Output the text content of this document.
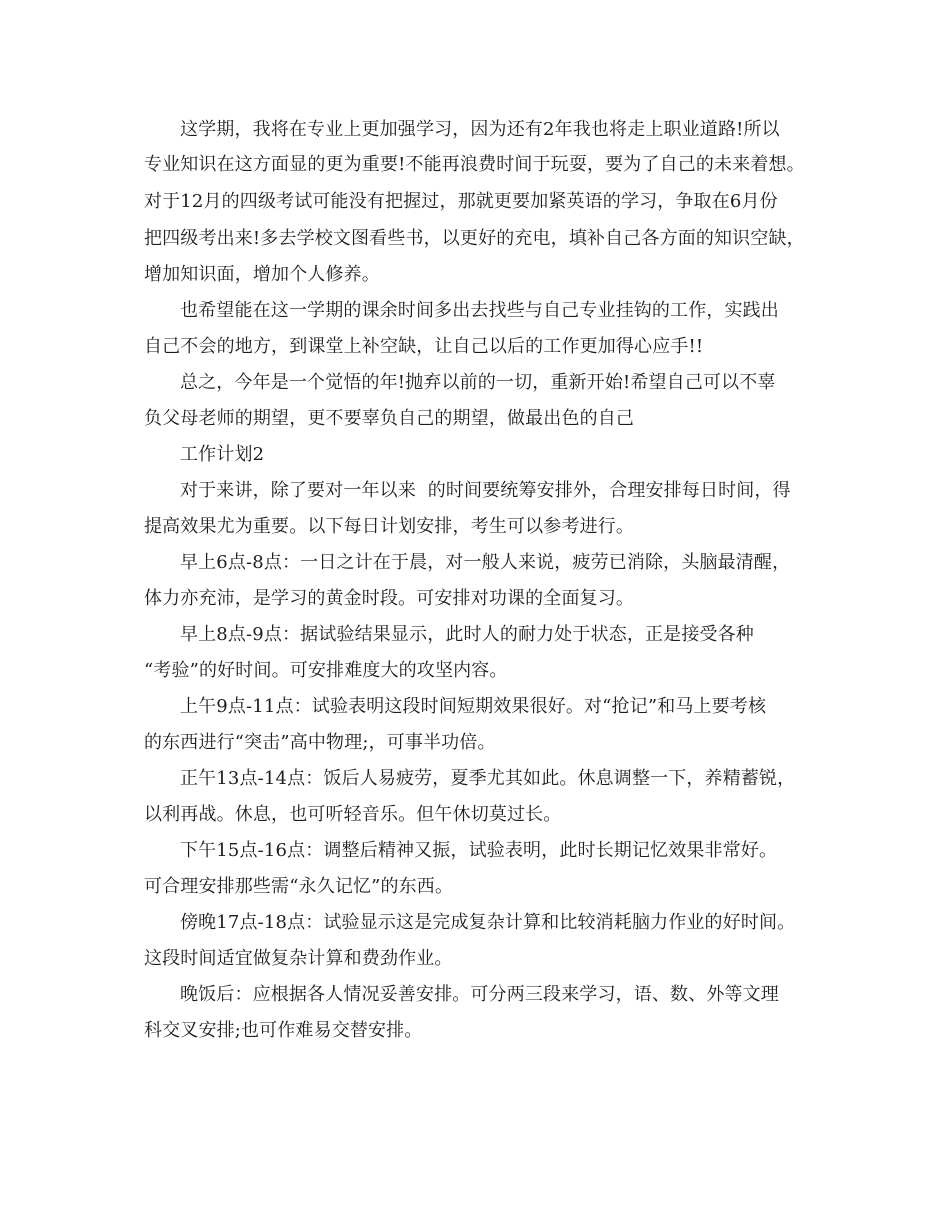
这学期，我将在专业上更加强学习，因为还有2年我也将走上职业道路!所以
专业知识在这方面显的更为重要!不能再浪费时间于玩耍，要为了自己的未来着想。
对于12月的四级考试可能没有把握过，那就更要加紧英语的学习，争取在6月份
把四级考出来!多去学校文图看些书，以更好的充电，填补自己各方面的知识空缺，
增加知识面，增加个人修养。
也希望能在这一学期的课余时间多出去找些与自己专业挂钩的工作，实践出
自己不会的地方，到课堂上补空缺，让自己以后的工作更加得心应手!!
总之，今年是一个觉悟的年!抛弃以前的一切，重新开始!希望自己可以不辜
负父母老师的期望，更不要辜负自己的期望，做最出色的自己
工作计划2
对于来讲，除了要对一年以来  的时间要统筹安排外，合理安排每日时间，得
提高效果尤为重要。以下每日计划安排，考生可以参考进行。
早上6点-8点：一日之计在于晨，对一般人来说，疲劳已消除，头脑最清醒，
体力亦充沛，是学习的黄金时段。可安排对功课的全面复习。
早上8点-9点：据试验结果显示，此时人的耐力处于状态，正是接受各种
“考验”的好时间。可安排难度大的攻坚内容。
上午9点-11点：试验表明这段时间短期效果很好。对“抢记”和马上要考核
的东西进行“突击”高中物理;，可事半功倍。
正午13点-14点：饭后人易疲劳，夏季尤其如此。休息调整一下，养精蓄锐，
以利再战。休息，也可听轻音乐。但午休切莫过长。
下午15点-16点：调整后精神又振，试验表明，此时长期记忆效果非常好。
可合理安排那些需“永久记忆”的东西。
傍晚17点-18点：试验显示这是完成复杂计算和比较消耗脑力作业的好时间。
这段时间适宜做复杂计算和费劲作业。
晚饭后：应根据各人情况妥善安排。可分两三段来学习，语、数、外等文理
科交叉安排;也可作难易交替安排。
